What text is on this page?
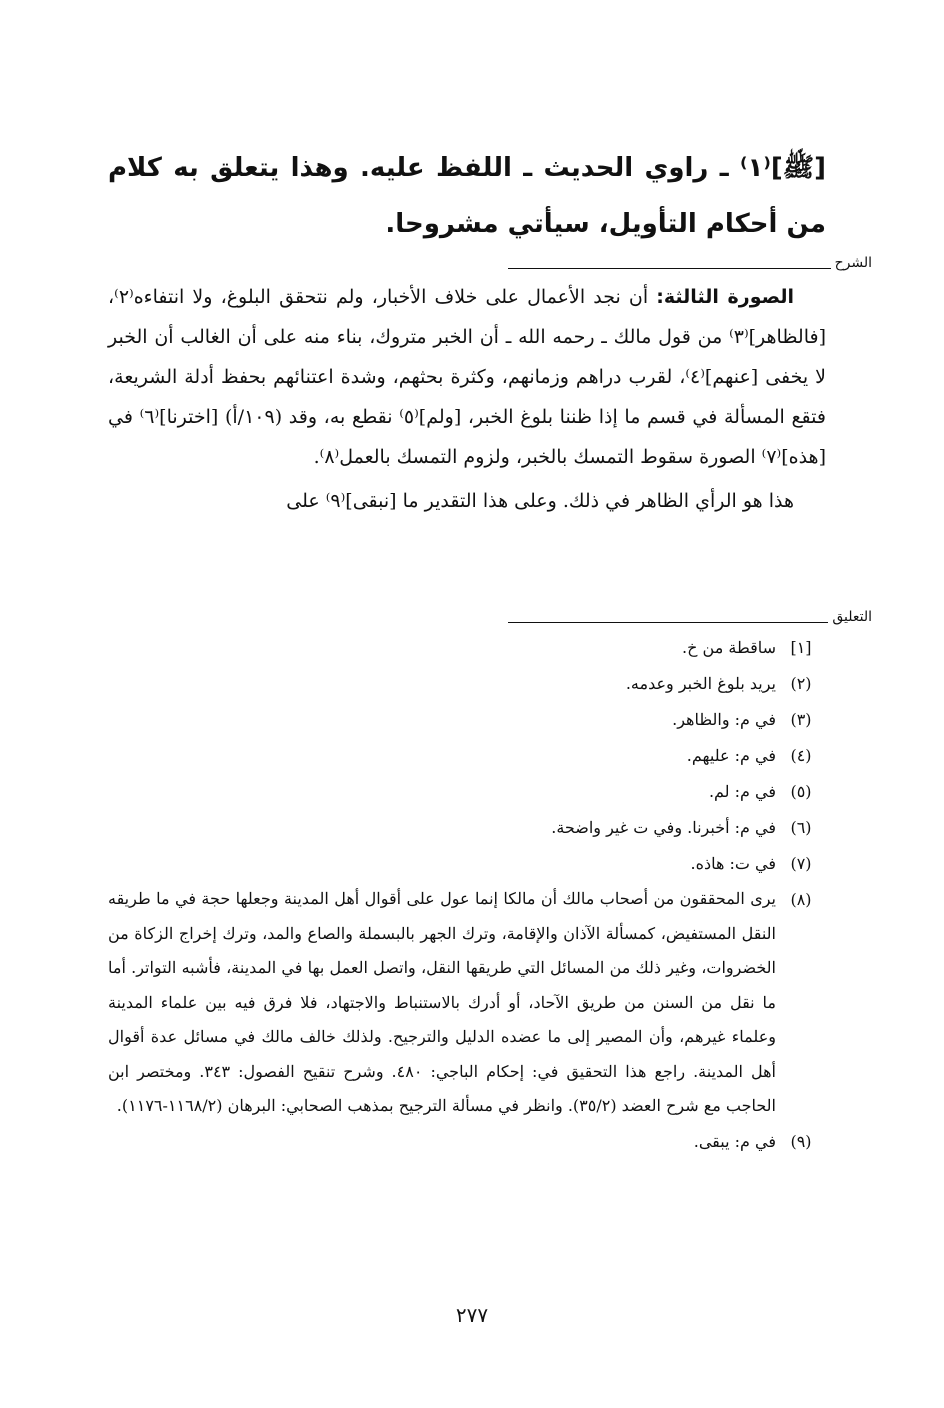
[ﷺ]⁽١⁾ ـ راوي الحديث ـ اللفظ عليه. وهذا يتعلق به كلام من أحكام التأويل، سيأتي مشروحا.
الشرح

الصورة الثالثة: أن نجد الأعمال على خلاف الأخبار، ولم نتحقق البلوغ، ولا انتفاءه⁽٢⁾، [فالظاهر]⁽٣⁾ من قول مالك ـ رحمه الله ـ أن الخبر متروك، بناء منه على أن الغالب أن الخبر لا يخفى [عنهم]⁽٤⁾، لقرب دراهم وزمانهم، وكثرة بحثهم، وشدة اعتنائهم بحفظ أدلة الشريعة، فتقع المسألة في قسم ما إذا ظننا بلوغ الخبر، [ولم]⁽٥⁾ نقطع به، وقد (١٠٩/أ) [اخترنا]⁽٦⁾ في [هذه]⁽٧⁾ الصورة سقوط التمسك بالخبر، ولزوم التمسك بالعمل⁽٨⁾.

هذا هو الرأي الظاهر في ذلك. وعلى هذا التقدير ما [نبقى]⁽٩⁾ على

التعليق
[١]
ساقطة من خ.
(٢)
يريد بلوغ الخبر وعدمه.
(٣)
في م: والظاهر.
(٤)
في م: عليهم.
(٥)
في م: لم.
(٦)
في م: أخبرنا. وفي ت غير واضحة.
(٧)
في ت: هاذه.
(٨)
يرى المحققون من أصحاب مالك أن مالكا إنما عول على أقوال أهل المدينة وجعلها حجة في ما طريقه النقل المستفيض، كمسألة الآذان والإقامة، وترك الجهر بالبسملة والصاع والمد، وترك إخراج الزكاة من الخضروات، وغير ذلك من المسائل التي طريقها النقل، واتصل العمل بها في المدينة، فأشبه التواتر. أما ما نقل من السنن من طريق الآحاد، أو أدرك بالاستنباط والاجتهاد، فلا فرق فيه بين علماء المدينة وعلماء غيرهم، وأن المصير إلى ما عضده الدليل والترجيح. ولذلك خالف مالك في مسائل عدة أقوال أهل المدينة. راجع هذا التحقيق في: إحكام الباجي: ٤٨٠. وشرح تنقيح الفصول: ٣٤٣. ومختصر ابن الحاجب مع شرح العضد (٣٥/٢). وانظر في مسألة الترجيح بمذهب الصحابي: البرهان (١١٦٨/٢-١١٧٦).
(٩)
في م: يبقى.
٢٧٧
